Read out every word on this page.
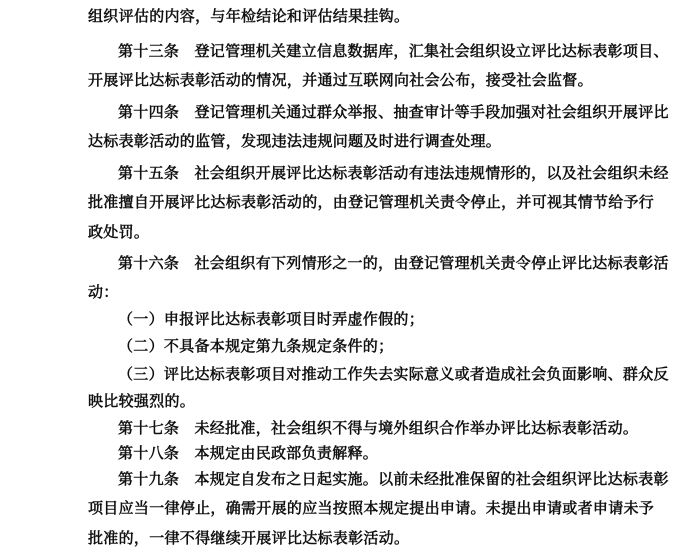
组织评估的内容，与年检结论和评估结果挂钩。
第十三条　登记管理机关建立信息数据库，汇集社会组织设立评比达标表彰项目、
开展评比达标表彰活动的情况，并通过互联网向社会公布，接受社会监督。
第十四条　登记管理机关通过群众举报、抽查审计等手段加强对社会组织开展评比
达标表彰活动的监管，发现违法违规问题及时进行调查处理。
第十五条　社会组织开展评比达标表彰活动有违法违规情形的，以及社会组织未经
批准擅自开展评比达标表彰活动的，由登记管理机关责令停止，并可视其情节给予行
政处罚。
第十六条　社会组织有下列情形之一的，由登记管理机关责令停止评比达标表彰活
动：
（一）申报评比达标表彰项目时弄虚作假的；
（二）不具备本规定第九条规定条件的；
（三）评比达标表彰项目对推动工作失去实际意义或者造成社会负面影响、群众反
映比较强烈的。
第十七条　未经批准，社会组织不得与境外组织合作举办评比达标表彰活动。
第十八条　本规定由民政部负责解释。
第十九条　本规定自发布之日起实施。以前未经批准保留的社会组织评比达标表彰
项目应当一律停止，确需开展的应当按照本规定提出申请。未提出申请或者申请未予
批准的，一律不得继续开展评比达标表彰活动。
